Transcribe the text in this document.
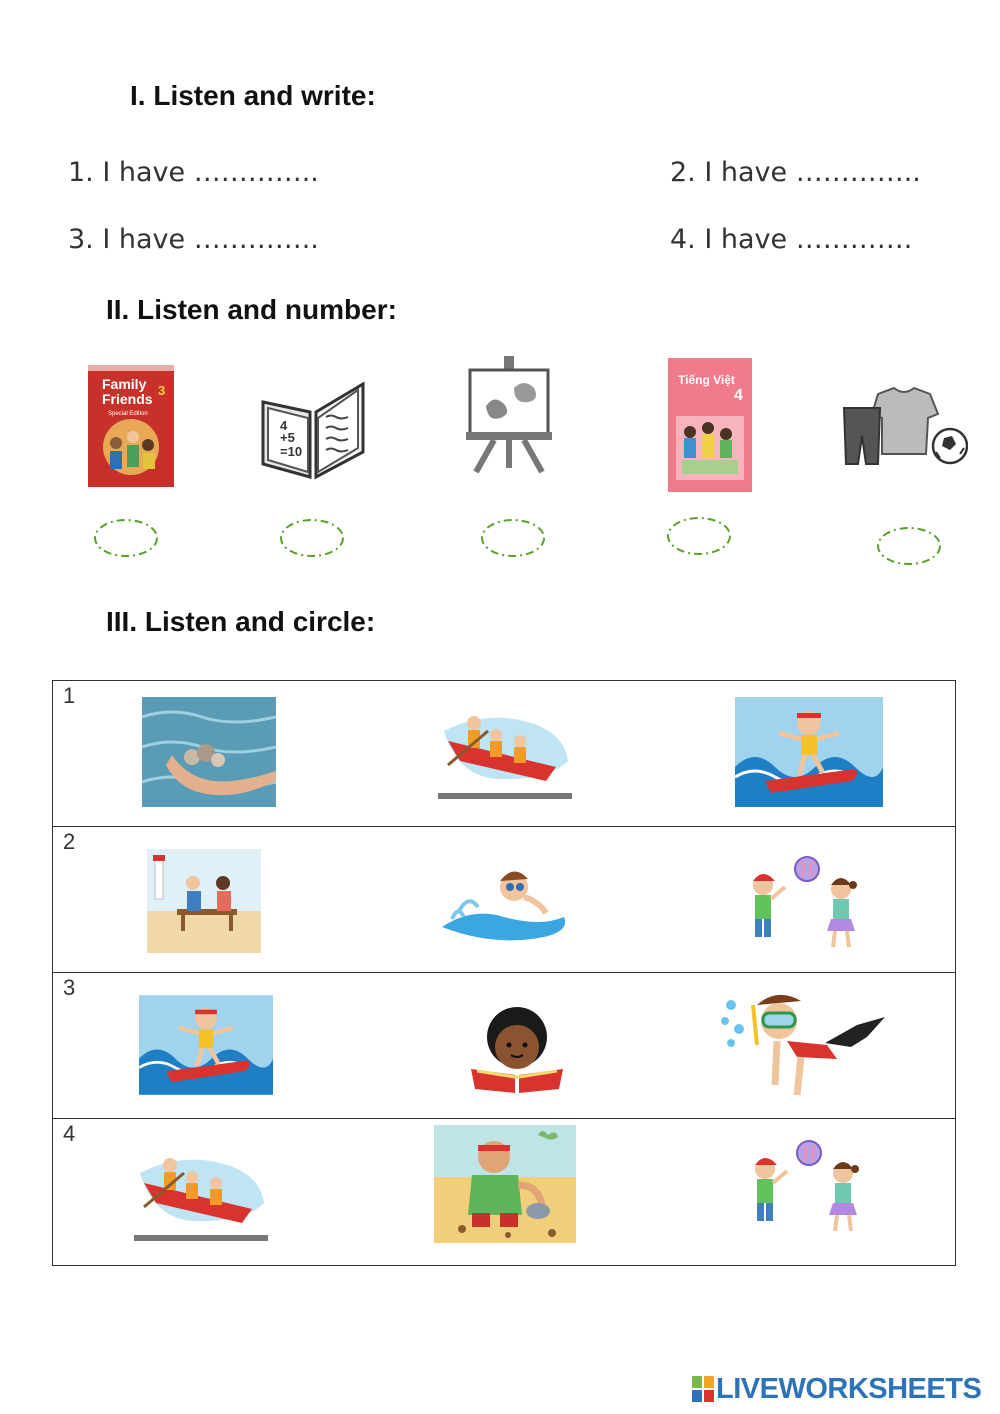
I. Listen and write:
1. I have …………..	2. I have …………..
3. I have …………..	4. I have ………….
II. Listen and number:
Family
Friends
3
Special Edition
4
+5
=10
Tiếng Việt
4
III. Listen and circle:
1
2
3
4
LIVEWORKSHEETS
